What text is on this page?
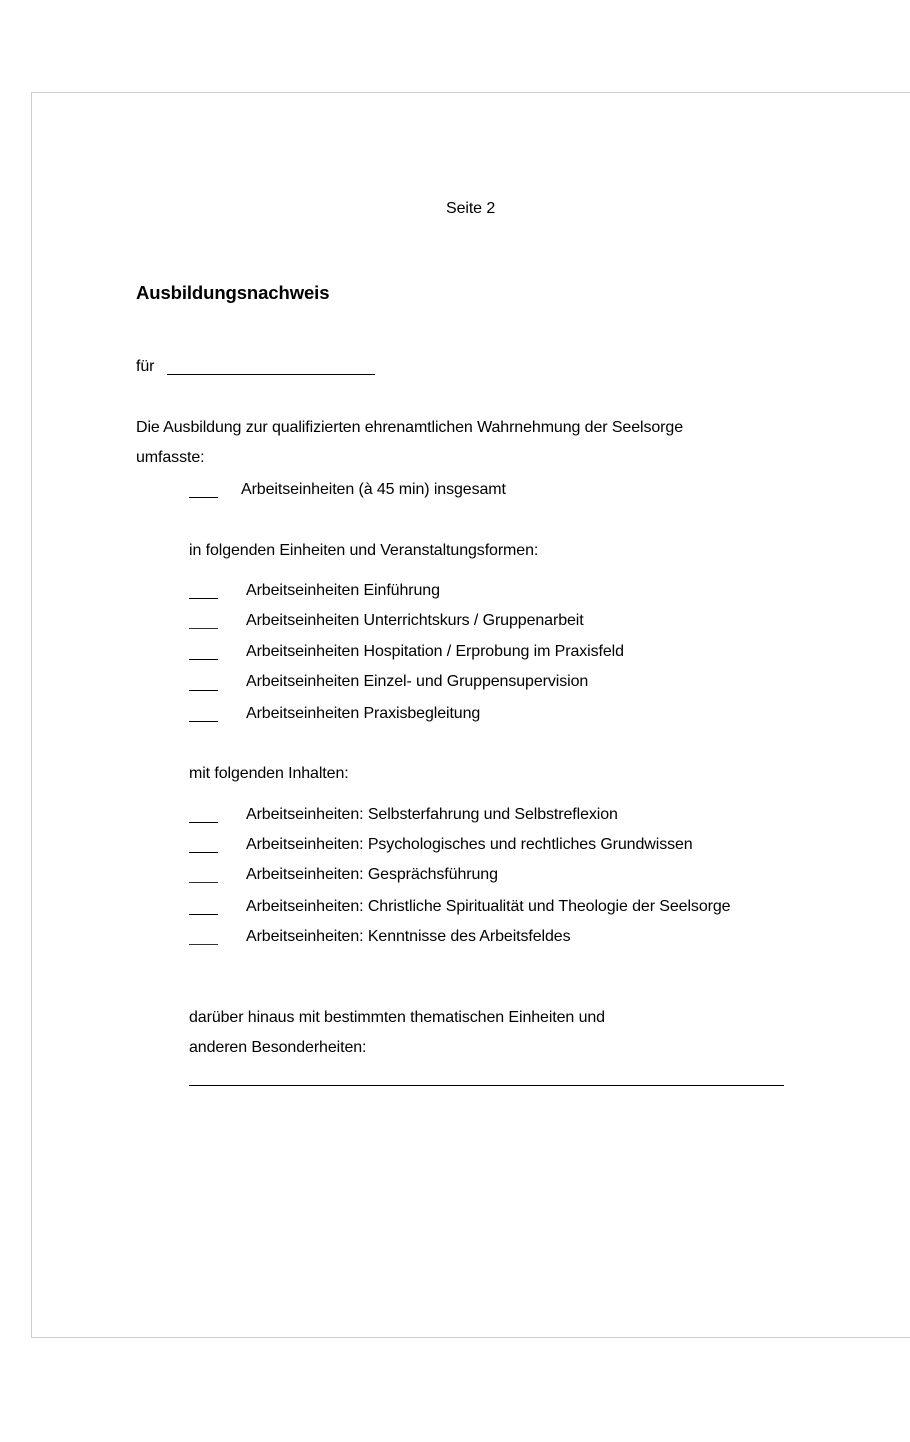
Seite 2
Ausbildungsnachweis
für
Die Ausbildung zur qualifizierten ehrenamtlichen Wahrnehmung der Seelsorge
umfasste:
Arbeitseinheiten (à 45 min) insgesamt
in folgenden Einheiten und Veranstaltungsformen:
Arbeitseinheiten Einführung
Arbeitseinheiten Unterrichtskurs / Gruppenarbeit
Arbeitseinheiten Hospitation / Erprobung im Praxisfeld
Arbeitseinheiten Einzel- und Gruppensupervision
Arbeitseinheiten Praxisbegleitung
mit folgenden Inhalten:
Arbeitseinheiten: Selbsterfahrung und Selbstreflexion
Arbeitseinheiten: Psychologisches und rechtliches Grundwissen
Arbeitseinheiten: Gesprächsführung
Arbeitseinheiten: Christliche Spiritualität und Theologie der Seelsorge
Arbeitseinheiten: Kenntnisse des Arbeitsfeldes
darüber hinaus mit bestimmten thematischen Einheiten und
anderen Besonderheiten:
